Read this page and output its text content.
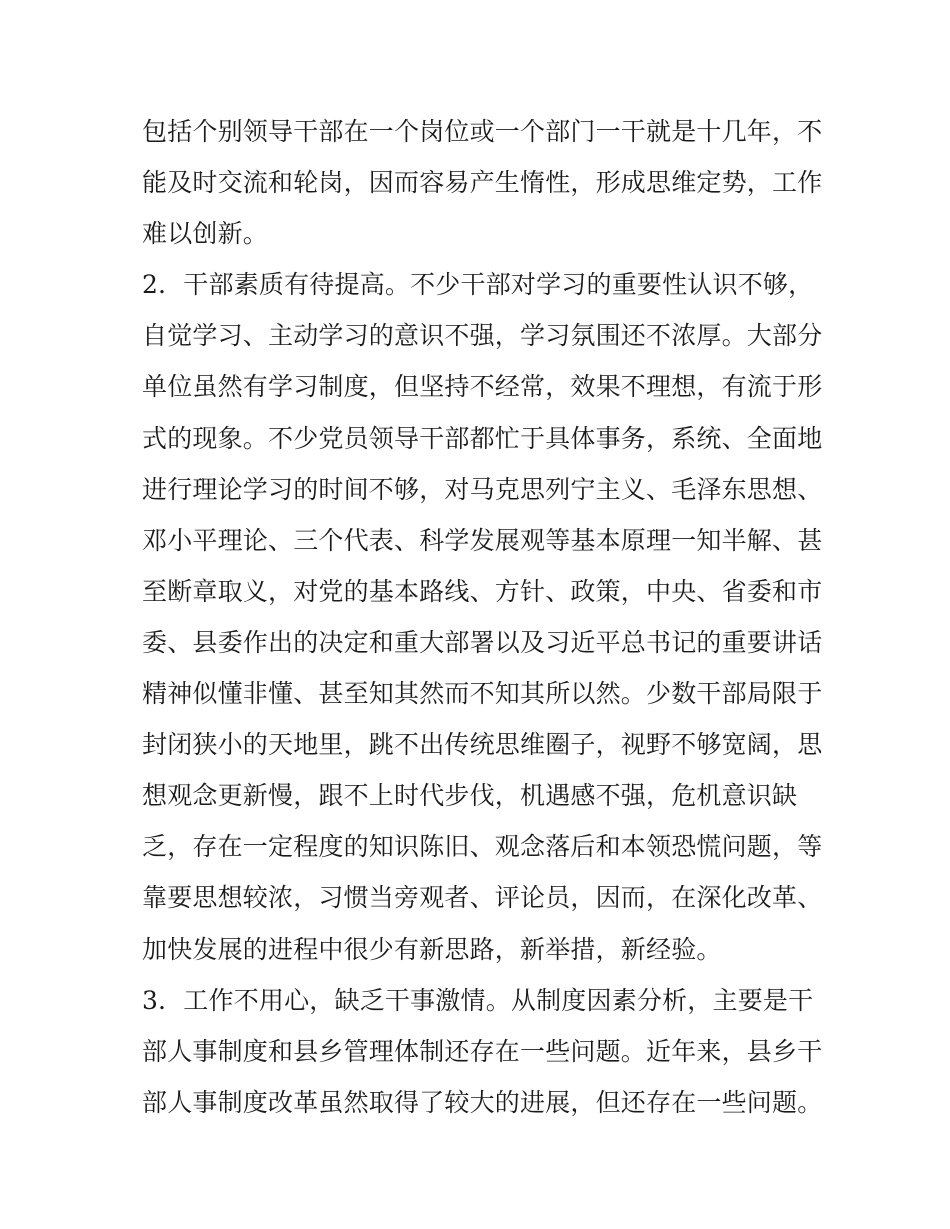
包括个别领导干部在一个岗位或一个部门一干就是十几年，不
能及时交流和轮岗，因而容易产生惰性，形成思维定势，工作
难以创新。
2．干部素质有待提高。不少干部对学习的重要性认识不够，
自觉学习、主动学习的意识不强，学习氛围还不浓厚。大部分
单位虽然有学习制度，但坚持不经常，效果不理想，有流于形
式的现象。不少党员领导干部都忙于具体事务，系统、全面地
进行理论学习的时间不够，对马克思列宁主义、毛泽东思想、
邓小平理论、三个代表、科学发展观等基本原理一知半解、甚
至断章取义，对党的基本路线、方针、政策，中央、省委和市
委、县委作出的决定和重大部署以及习近平总书记的重要讲话
精神似懂非懂、甚至知其然而不知其所以然。少数干部局限于
封闭狭小的天地里，跳不出传统思维圈子，视野不够宽阔，思
想观念更新慢，跟不上时代步伐，机遇感不强，危机意识缺
乏，存在一定程度的知识陈旧、观念落后和本领恐慌问题，等
靠要思想较浓，习惯当旁观者、评论员，因而，在深化改革、
加快发展的进程中很少有新思路，新举措，新经验。
3．工作不用心，缺乏干事激情。从制度因素分析，主要是干
部人事制度和县乡管理体制还存在一些问题。近年来，县乡干
部人事制度改革虽然取得了较大的进展，但还存在一些问题。
